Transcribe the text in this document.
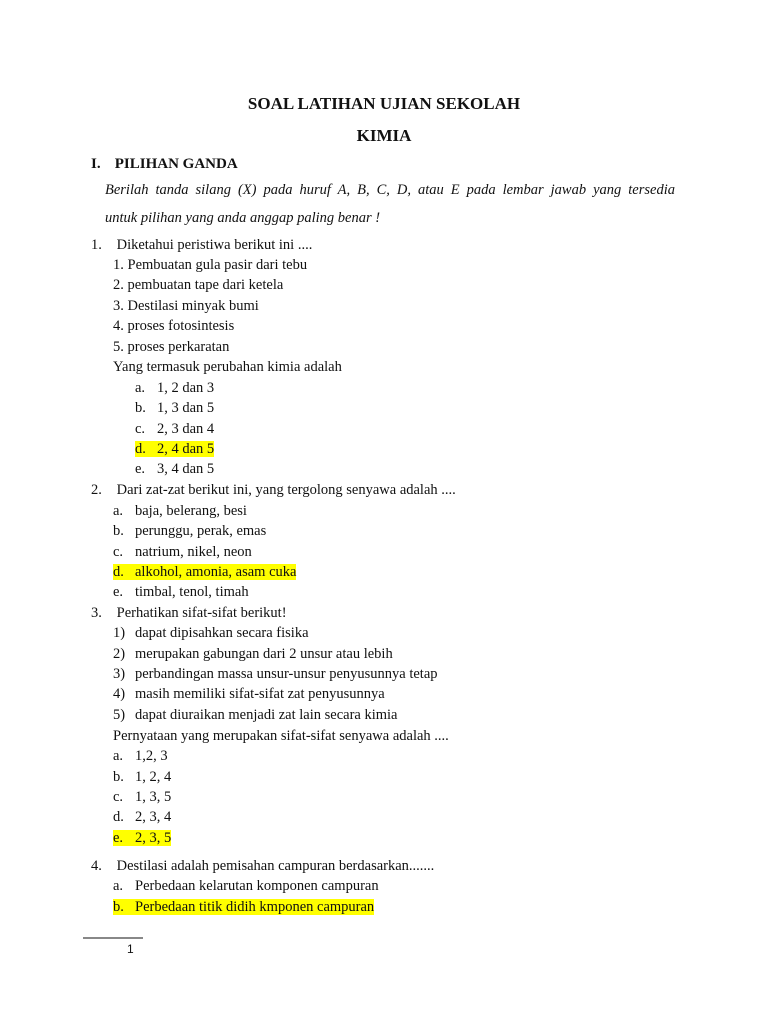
SOAL LATIHAN UJIAN SEKOLAH
KIMIA
I. PILIHAN GANDA
Berilah tanda silang (X) pada huruf A, B, C, D, atau E pada lembar jawab yang tersedia
untuk pilihan yang anda anggap paling benar !
1. Diketahui peristiwa berikut ini ....
1. Pembuatan gula pasir dari tebu
2. pembuatan tape dari ketela
3. Destilasi minyak bumi
4. proses fotosintesis
5. proses perkaratan
Yang termasuk perubahan kimia adalah
a. 1, 2 dan 3
b. 1, 3 dan 5
c. 2, 3 dan 4
d. 2, 4 dan 5
e. 3, 4 dan 5
2. Dari zat-zat berikut ini, yang tergolong senyawa adalah ....
a. baja, belerang, besi
b. perunggu, perak, emas
c. natrium, nikel, neon
d. alkohol, amonia, asam cuka
e. timbal, tenol, timah
3. Perhatikan sifat-sifat berikut!
1) dapat dipisahkan secara fisika
2) merupakan gabungan dari 2 unsur atau lebih
3) perbandingan massa unsur-unsur penyusunnya tetap
4) masih memiliki sifat-sifat zat penyusunnya
5) dapat diuraikan menjadi zat lain secara kimia
Pernyataan yang merupakan sifat-sifat senyawa adalah ....
a. 1,2, 3
b. 1, 2, 4
c. 1, 3, 5
d. 2, 3, 4
e. 2, 3, 5
4. Destilasi adalah pemisahan campuran berdasarkan.......
a. Perbedaan kelarutan komponen campuran
b. Perbedaan titik didih kmponen campuran
1
